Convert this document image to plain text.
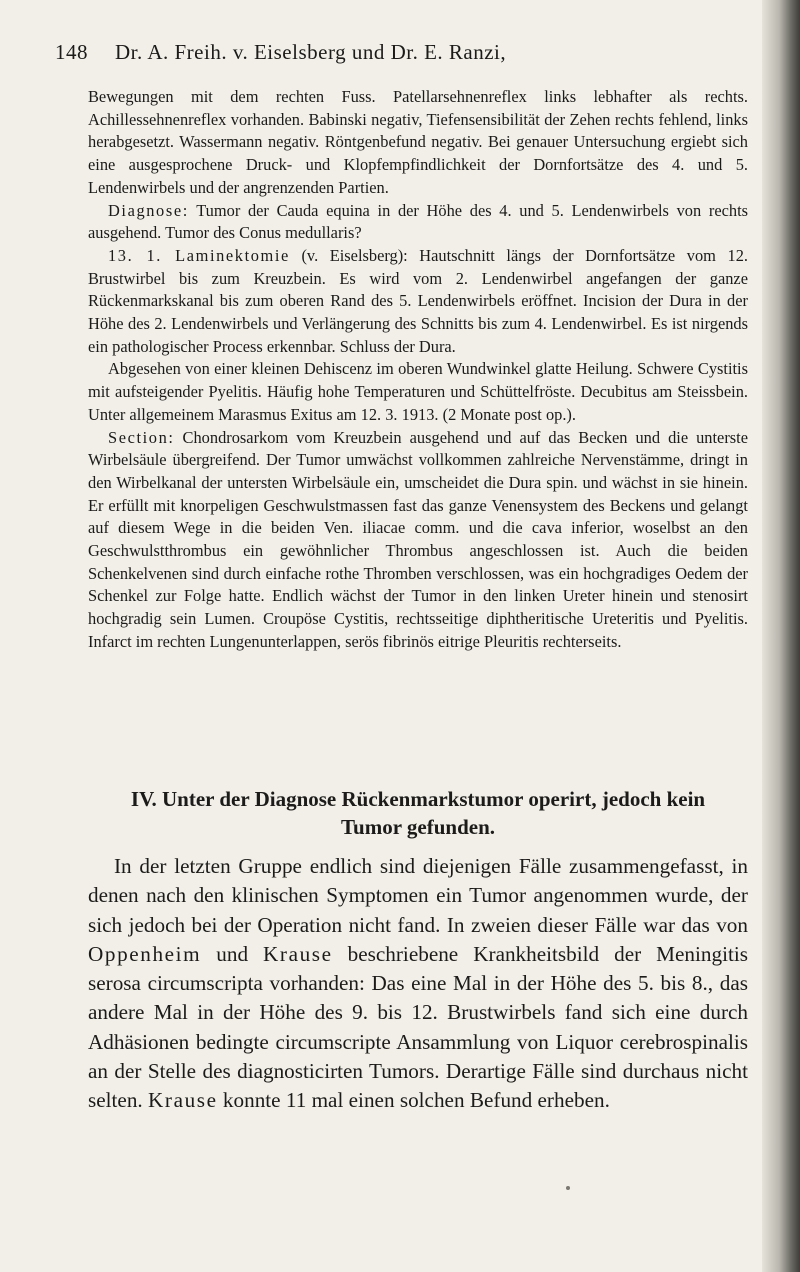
148 Dr. A. Freih. v. Eiselsberg und Dr. E. Ranzi,

Bewegungen mit dem rechten Fuss. Patellarsehnenreflex links lebhafter als rechts. Achillessehnenreflex vorhanden. Babinski negativ, Tiefensensibilität der Zehen rechts fehlend, links herabgesetzt. Wassermann negativ. Röntgenbefund negativ. Bei genauer Untersuchung ergiebt sich eine ausgesprochene Druck- und Klopfempfindlichkeit der Dornfortsätze des 4. und 5. Lendenwirbels und der angrenzenden Partien.

Diagnose: Tumor der Cauda equina in der Höhe des 4. und 5. Lendenwirbels von rechts ausgehend. Tumor des Conus medullaris?

13. 1. Laminektomie (v. Eiselsberg): Hautschnitt längs der Dornfortsätze vom 12. Brustwirbel bis zum Kreuzbein. Es wird vom 2. Lendenwirbel angefangen der ganze Rückenmarkskanal bis zum oberen Rand des 5. Lendenwirbels eröffnet. Incision der Dura in der Höhe des 2. Lendenwirbels und Verlängerung des Schnitts bis zum 4. Lendenwirbel. Es ist nirgends ein pathologischer Process erkennbar. Schluss der Dura.

Abgesehen von einer kleinen Dehiscenz im oberen Wundwinkel glatte Heilung. Schwere Cystitis mit aufsteigender Pyelitis. Häufig hohe Temperaturen und Schüttelfröste. Decubitus am Steissbein. Unter allgemeinem Marasmus Exitus am 12. 3. 1913. (2 Monate post op.).

Section: Chondrosarkom vom Kreuzbein ausgehend und auf das Becken und die unterste Wirbelsäule übergreifend. Der Tumor umwächst vollkommen zahlreiche Nervenstämme, dringt in den Wirbelkanal der untersten Wirbelsäule ein, umscheidet die Dura spin. und wächst in sie hinein. Er erfüllt mit knorpeligen Geschwulstmassen fast das ganze Venensystem des Beckens und gelangt auf diesem Wege in die beiden Ven. iliacae comm. und die cava inferior, woselbst an den Geschwulstthrombus ein gewöhnlicher Thrombus angeschlossen ist. Auch die beiden Schenkelvenen sind durch einfache rothe Thromben verschlossen, was ein hochgradiges Oedem der Schenkel zur Folge hatte. Endlich wächst der Tumor in den linken Ureter hinein und stenosirt hochgradig sein Lumen. Croupöse Cystitis, rechtsseitige diphtheritische Ureteritis und Pyelitis. Infarct im rechten Lungenunterlappen, serös fibrinös eitrige Pleuritis rechterseits.

IV. Unter der Diagnose Rückenmarkstumor operirt, jedoch kein
Tumor gefunden.

In der letzten Gruppe endlich sind diejenigen Fälle zusammengefasst, in denen nach den klinischen Symptomen ein Tumor angenommen wurde, der sich jedoch bei der Operation nicht fand. In zweien dieser Fälle war das von Oppenheim und Krause beschriebene Krankheitsbild der Meningitis serosa circumscripta vorhanden: Das eine Mal in der Höhe des 5. bis 8., das andere Mal in der Höhe des 9. bis 12. Brustwirbels fand sich eine durch Adhäsionen bedingte circumscripte Ansammlung von Liquor cerebrospinalis an der Stelle des diagnosticirten Tumors. Derartige Fälle sind durchaus nicht selten. Krause konnte 11 mal einen solchen Befund erheben.
